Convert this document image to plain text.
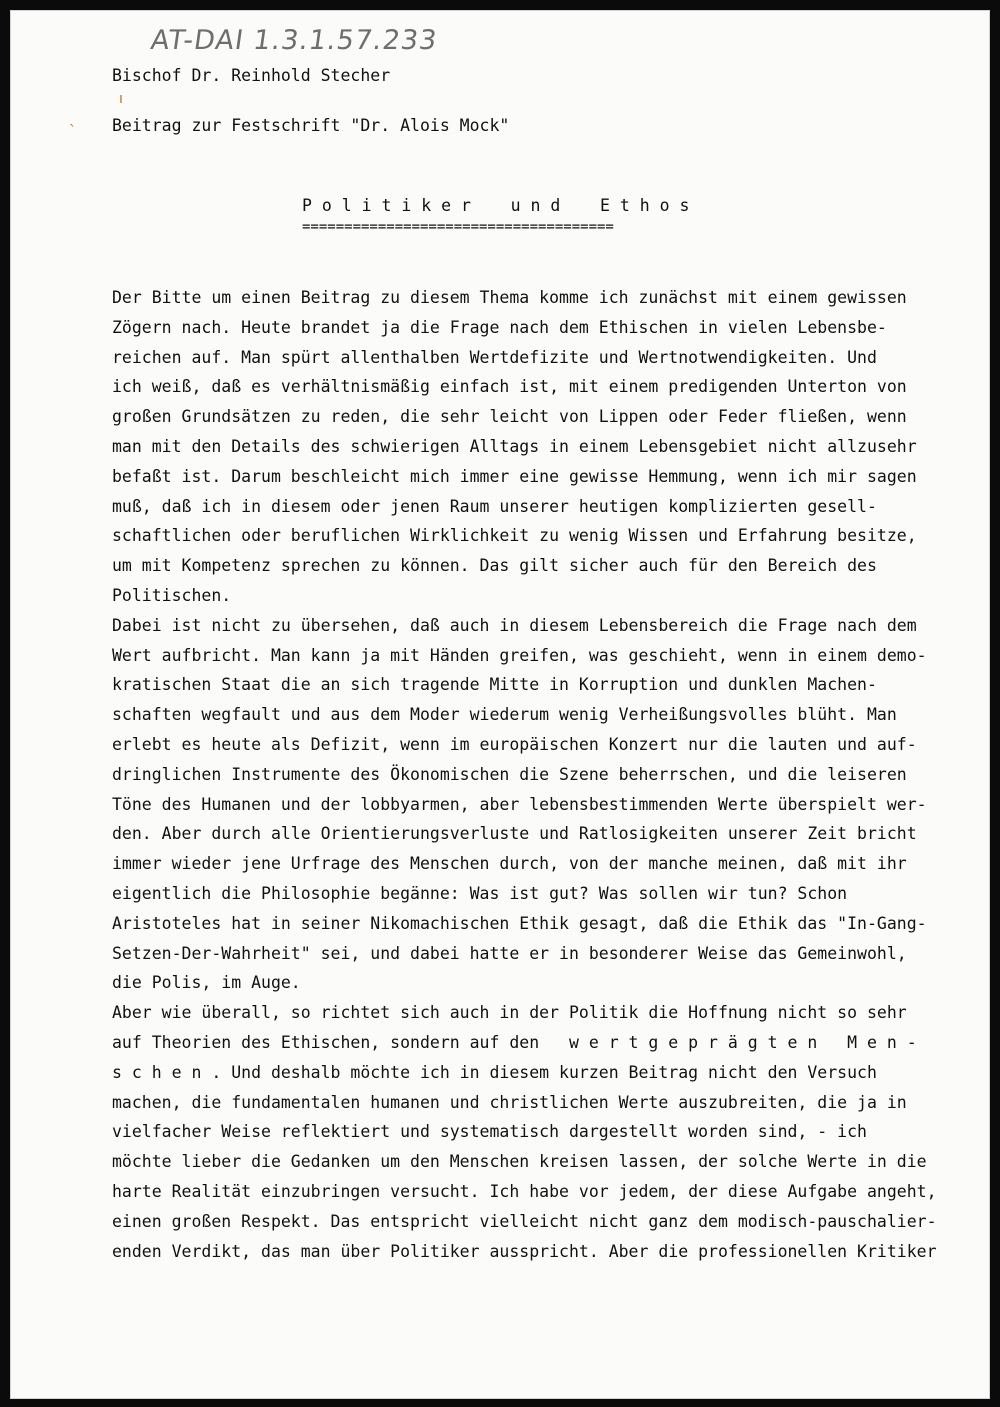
AT-DAI 1.3.1.57.233
ı
ˎ

Bischof Dr. Reinhold Stecher

Beitrag zur Festschrift "Dr. Alois Mock"

P o l i t i k e r    u n d    E t h o s

=====================================

Der Bitte um einen Beitrag zu diesem Thema komme ich zunächst mit einem gewissen
Zögern nach. Heute brandet ja die Frage nach dem Ethischen in vielen Lebensbe-
reichen auf. Man spürt allenthalben Wertdefizite und Wertnotwendigkeiten. Und
ich weiß, daß es verhältnismäßig einfach ist, mit einem predigenden Unterton von
großen Grundsätzen zu reden, die sehr leicht von Lippen oder Feder fließen, wenn
man mit den Details des schwierigen Alltags in einem Lebensgebiet nicht allzusehr
befaßt ist. Darum beschleicht mich immer eine gewisse Hemmung, wenn ich mir sagen
muß, daß ich in diesem oder jenen Raum unserer heutigen komplizierten gesell-
schaftlichen oder beruflichen Wirklichkeit zu wenig Wissen und Erfahrung besitze,
um mit Kompetenz sprechen zu können. Das gilt sicher auch für den Bereich des
Politischen.
Dabei ist nicht zu übersehen, daß auch in diesem Lebensbereich die Frage nach dem
Wert aufbricht. Man kann ja mit Händen greifen, was geschieht, wenn in einem demo-
kratischen Staat die an sich tragende Mitte in Korruption und dunklen Machen-
schaften wegfault und aus dem Moder wiederum wenig Verheißungsvolles blüht. Man
erlebt es heute als Defizit, wenn im europäischen Konzert nur die lauten und auf-
dringlichen Instrumente des Ökonomischen die Szene beherrschen, und die leiseren
Töne des Humanen und der lobbyarmen, aber lebensbestimmenden Werte überspielt wer-
den. Aber durch alle Orientierungsverluste und Ratlosigkeiten unserer Zeit bricht
immer wieder jene Urfrage des Menschen durch, von der manche meinen, daß mit ihr
eigentlich die Philosophie begänne: Was ist gut? Was sollen wir tun? Schon
Aristoteles hat in seiner Nikomachischen Ethik gesagt, daß die Ethik das "In-Gang-
Setzen-Der-Wahrheit" sei, und dabei hatte er in besonderer Weise das Gemeinwohl,
die Polis, im Auge.
Aber wie überall, so richtet sich auch in der Politik die Hoffnung nicht so sehr
auf Theorien des Ethischen, sondern auf den   w e r t g e p r ä g t e n   M e n -
s c h e n . Und deshalb möchte ich in diesem kurzen Beitrag nicht den Versuch
machen, die fundamentalen humanen und christlichen Werte auszubreiten, die ja in
vielfacher Weise reflektiert und systematisch dargestellt worden sind, - ich
möchte lieber die Gedanken um den Menschen kreisen lassen, der solche Werte in die
harte Realität einzubringen versucht. Ich habe vor jedem, der diese Aufgabe angeht,
einen großen Respekt. Das entspricht vielleicht nicht ganz dem modisch-pauschalier-
enden Verdikt, das man über Politiker ausspricht. Aber die professionellen Kritiker
